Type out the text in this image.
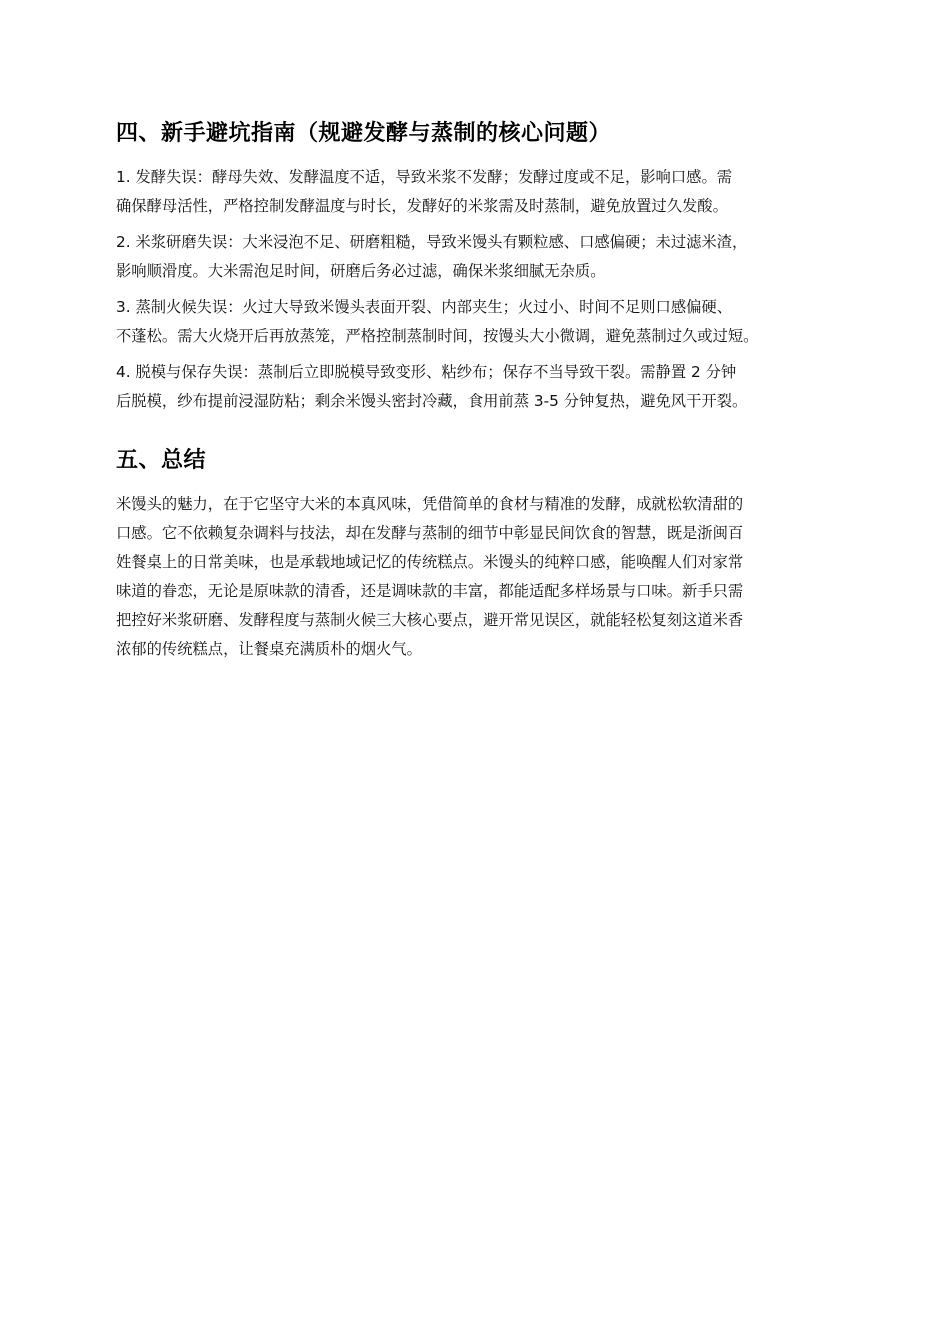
四、新手避坑指南（规避发酵与蒸制的核心问题）

1. 发酵失误：酵母失效、发酵温度不适，导致米浆不发酵；发酵过度或不足，影响口感。需
确保酵母活性，严格控制发酵温度与时长，发酵好的米浆需及时蒸制，避免放置过久发酸。

2. 米浆研磨失误：大米浸泡不足、研磨粗糙，导致米馒头有颗粒感、口感偏硬；未过滤米渣，
影响顺滑度。大米需泡足时间，研磨后务必过滤，确保米浆细腻无杂质。

3. 蒸制火候失误：火过大导致米馒头表面开裂、内部夹生；火过小、时间不足则口感偏硬、
不蓬松。需大火烧开后再放蒸笼，严格控制蒸制时间，按馒头大小微调，避免蒸制过久或过短。

4. 脱模与保存失误：蒸制后立即脱模导致变形、粘纱布；保存不当导致干裂。需静置 2 分钟
后脱模，纱布提前浸湿防粘；剩余米馒头密封冷藏，食用前蒸 3-5 分钟复热，避免风干开裂。

五、总结

米馒头的魅力，在于它坚守大米的本真风味，凭借简单的食材与精准的发酵，成就松软清甜的
口感。它不依赖复杂调料与技法，却在发酵与蒸制的细节中彰显民间饮食的智慧，既是浙闽百
姓餐桌上的日常美味，也是承载地域记忆的传统糕点。米馒头的纯粹口感，能唤醒人们对家常
味道的眷恋，无论是原味款的清香，还是调味款的丰富，都能适配多样场景与口味。新手只需
把控好米浆研磨、发酵程度与蒸制火候三大核心要点，避开常见误区，就能轻松复刻这道米香
浓郁的传统糕点，让餐桌充满质朴的烟火气。
